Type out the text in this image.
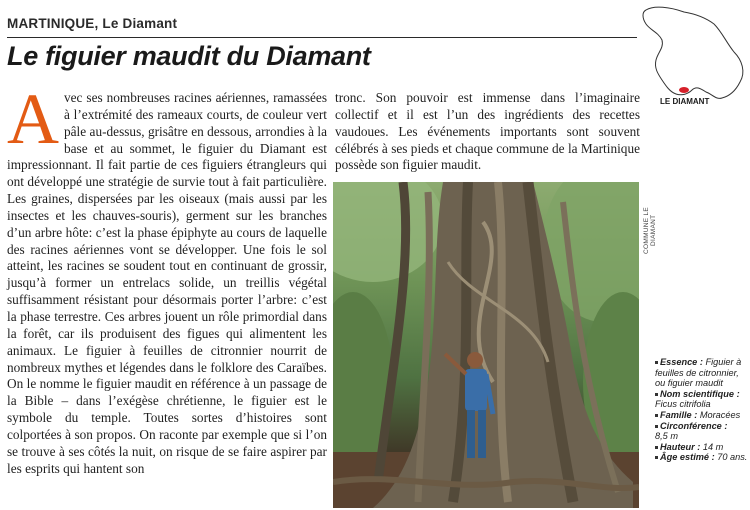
MARTINIQUE, Le Diamant
Le figuier maudit du Diamant
LE DIAMANT
Avec ses nombreuses racines aériennes, ramassées à l’extrémité des rameaux courts, de couleur vert pâle au-dessus, grisâtre en dessous, arrondies à la base et au sommet, le figuier du Diamant est impressionnant. Il fait partie de ces figuiers étrangleurs qui ont développé une stratégie de survie tout à fait particulière. Les graines, dispersées par les oiseaux (mais aussi par les insectes et les chauves-souris), germent sur les branches d’un arbre hôte: c’est la phase épiphyte au cours de laquelle des racines aériennes vont se développer. Une fois le sol atteint, les racines se soudent tout en continuant de grossir, jusqu’à former un entrelacs solide, un treillis végétal suffisamment résistant pour désormais porter l’arbre: c’est la phase terrestre. Ces arbres jouent un rôle primordial dans la forêt, car ils produisent des figues qui alimentent les animaux. Le figuier à feuilles de citronnier nourrit de nombreux mythes et légendes dans le folklore des Caraïbes. On le nomme le figuier maudit en référence à un passage de la Bible – dans l’exégèse chrétienne, le figuier est le symbole du temple. Toutes sortes d’histoires sont colportées à son propos. On raconte par exemple que si l’on se trouve à ses côtés la nuit, on risque de se faire aspirer par les esprits qui hantent son
tronc. Son pouvoir est immense dans l’imaginaire collectif et il est l’un des ingrédients des recettes vaudoues. Les événements importants sont souvent célébrés à ses pieds et chaque commune de la Martinique possède son figuier maudit.
COMMUNE LE DIAMANT
Essence : Figuier à feuilles de citronnier, ou figuier maudit
Nom scientifique :
Ficus citrifolia
Famille : Moracées
Circonférence :
8,5 m
Hauteur : 14 m
Âge estimé : 70 ans.
